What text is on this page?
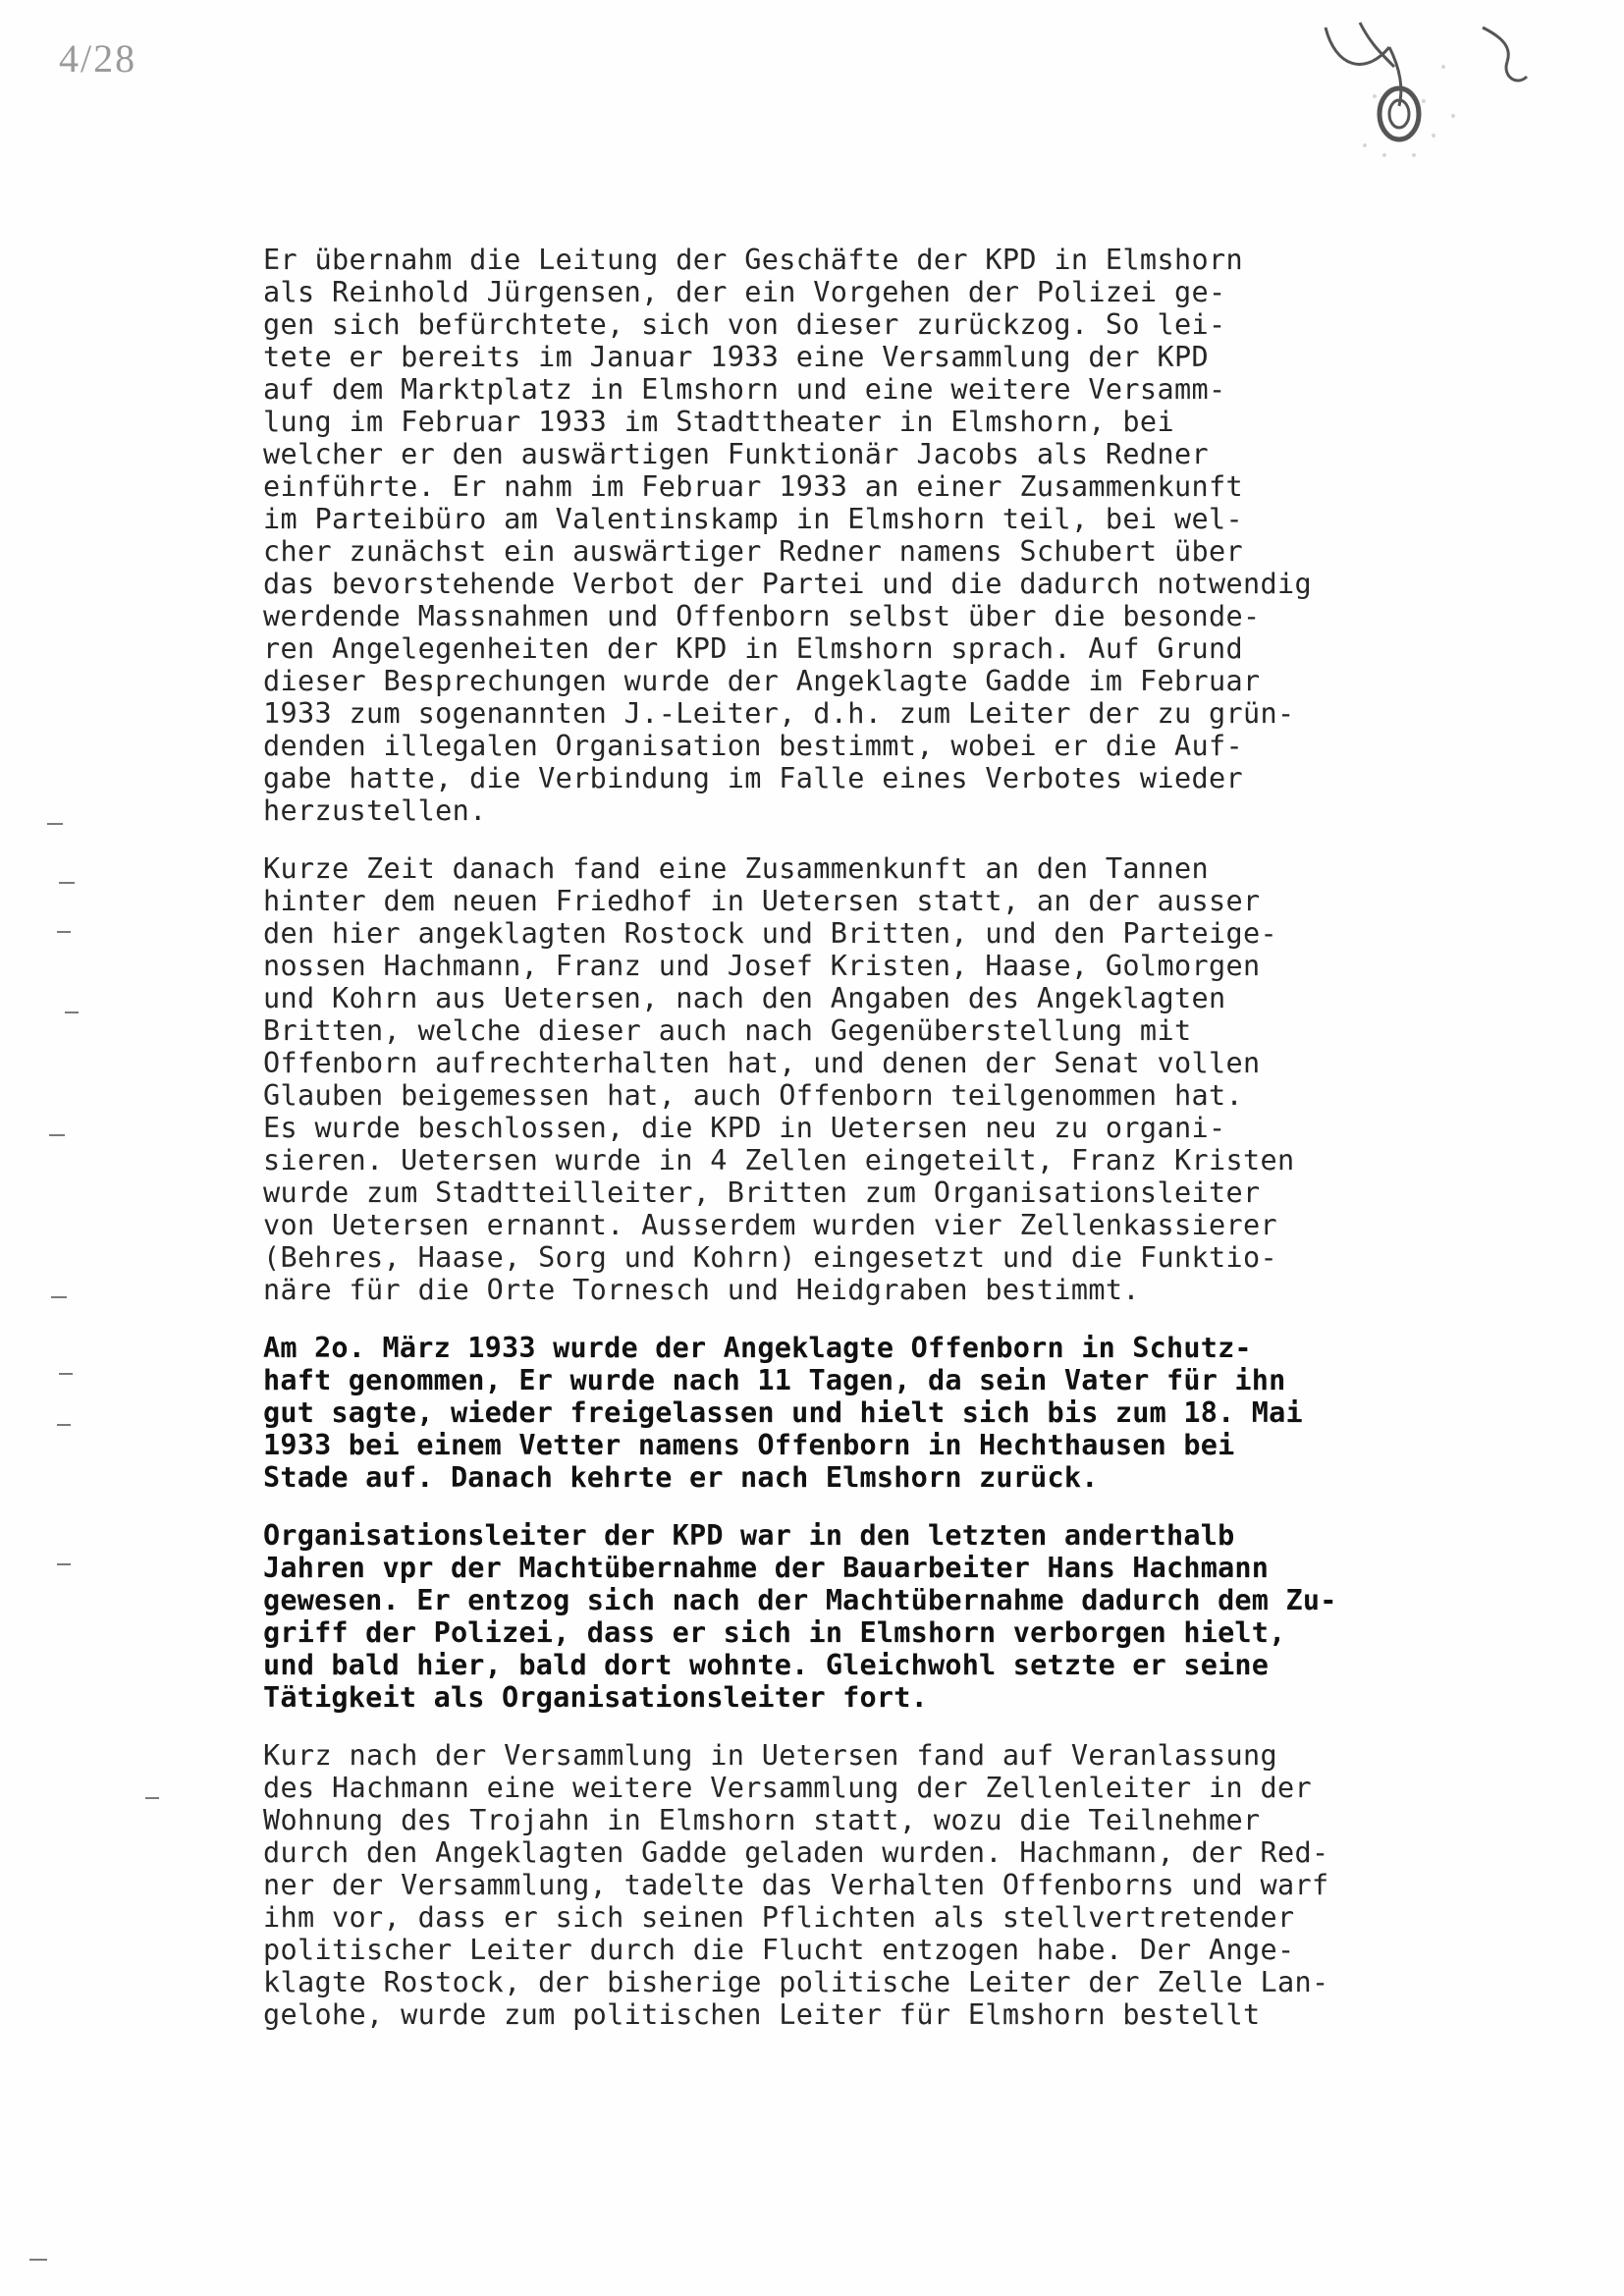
4/28
Er übernahm die Leitung der Geschäfte der KPD in Elmshorn
als Reinhold Jürgensen, der ein Vorgehen der Polizei ge-
gen sich befürchtete, sich von dieser zurückzog. So lei-
tete er bereits im Januar 1933 eine Versammlung der KPD
auf dem Marktplatz in Elmshorn und eine weitere Versamm-
lung im Februar 1933 im Stadttheater in Elmshorn, bei
welcher er den auswärtigen Funktionär Jacobs als Redner
einführte. Er nahm im Februar 1933 an einer Zusammenkunft
im Parteibüro am Valentinskamp in Elmshorn teil, bei wel-
cher zunächst ein auswärtiger Redner namens Schubert über
das bevorstehende Verbot der Partei und die dadurch notwendig
werdende Massnahmen und Offenborn selbst über die besonde-
ren Angelegenheiten der KPD in Elmshorn sprach. Auf Grund
dieser Besprechungen wurde der Angeklagte Gadde im Februar
1933 zum sogenannten J.-Leiter, d.h. zum Leiter der zu grün-
denden illegalen Organisation bestimmt, wobei er die Auf-
gabe hatte, die Verbindung im Falle eines Verbotes wieder
herzustellen.
Kurze Zeit danach fand eine Zusammenkunft an den Tannen
hinter dem neuen Friedhof in Uetersen statt, an der ausser
den hier angeklagten Rostock und Britten, und den Parteige-
nossen Hachmann, Franz und Josef Kristen, Haase, Golmorgen
und Kohrn aus Uetersen, nach den Angaben des Angeklagten
Britten, welche dieser auch nach Gegenüberstellung mit
Offenborn aufrechterhalten hat, und denen der Senat vollen
Glauben beigemessen hat, auch Offenborn teilgenommen hat.
Es wurde beschlossen, die KPD in Uetersen neu zu organi-
sieren. Uetersen wurde in 4 Zellen eingeteilt, Franz Kristen
wurde zum Stadtteilleiter, Britten zum Organisationsleiter
von Uetersen ernannt. Ausserdem wurden vier Zellenkassierer
(Behres, Haase, Sorg und Kohrn) eingesetzt und die Funktio-
näre für die Orte Tornesch und Heidgraben bestimmt.
Am 2o. März 1933 wurde der Angeklagte Offenborn in Schutz-
haft genommen, Er wurde nach 11 Tagen, da sein Vater für ihn
gut sagte, wieder freigelassen und hielt sich bis zum 18. Mai
1933 bei einem Vetter namens Offenborn in Hechthausen bei
Stade auf. Danach kehrte er nach Elmshorn zurück.
Organisationsleiter der KPD war in den letzten anderthalb
Jahren vpr der Machtübernahme der Bauarbeiter Hans Hachmann
gewesen. Er entzog sich nach der Machtübernahme dadurch dem Zu-
griff der Polizei, dass er sich in Elmshorn verborgen hielt,
und bald hier, bald dort wohnte. Gleichwohl setzte er seine
Tätigkeit als Organisationsleiter fort.
Kurz nach der Versammlung in Uetersen fand auf Veranlassung
des Hachmann eine weitere Versammlung der Zellenleiter in der
Wohnung des Trojahn in Elmshorn statt, wozu die Teilnehmer
durch den Angeklagten Gadde geladen wurden. Hachmann, der Red-
ner der Versammlung, tadelte das Verhalten Offenborns und warf
ihm vor, dass er sich seinen Pflichten als stellvertretender
politischer Leiter durch die Flucht entzogen habe. Der Ange-
klagte Rostock, der bisherige politische Leiter der Zelle Lan-
gelohe, wurde zum politischen Leiter für Elmshorn bestellt
